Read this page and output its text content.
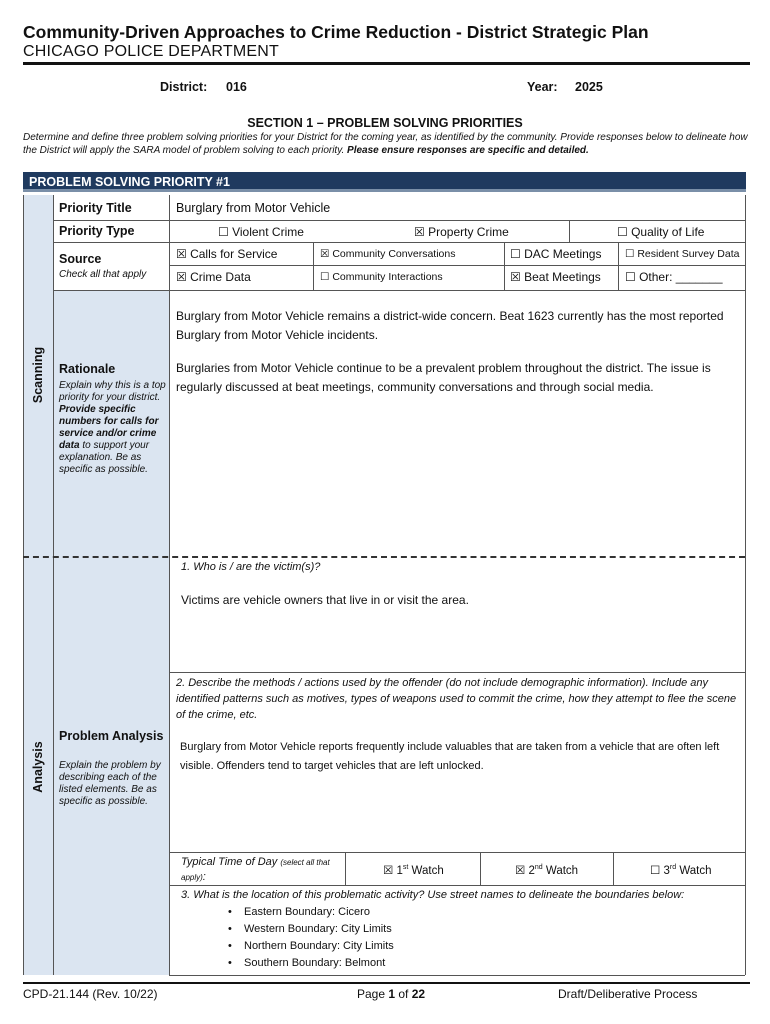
Community-Driven Approaches to Crime Reduction - District Strategic Plan
CHICAGO POLICE DEPARTMENT
District: 016	Year: 2025
SECTION 1 – PROBLEM SOLVING PRIORITIES
Determine and define three problem solving priorities for your District for the coming year, as identified by the community. Provide responses below to delineate how the District will apply the SARA model of problem solving to each priority. Please ensure responses are specific and detailed.
PROBLEM SOLVING PRIORITY #1
Scanning
Analysis
Priority Title	Burglary from Motor Vehicle
Priority Type	☐ Violent Crime	☒ Property Crime	☐ Quality of Life
Source
Check all that apply
☒ Calls for Service	☒ Community Conversations	☐ DAC Meetings ☐ Resident Survey Data
☒ Crime Data	☐ Community Interactions	☒ Beat Meetings ☐ Other: _______
Rationale
Explain why this is a top priority for your district. Provide specific numbers for calls for service and/or crime data to support your explanation. Be as specific as possible.
Burglary from Motor Vehicle remains a district-wide concern. Beat 1623 currently has the most reported Burglary from Motor Vehicle incidents.
Burglaries from Motor Vehicle continue to be a prevalent problem throughout the district. The issue is regularly discussed at beat meetings, community conversations and through social media.
Problem Analysis
Explain the problem by describing each of the listed elements. Be as specific as possible.
1. Who is / are the victim(s)?
Victims are vehicle owners that live in or visit the area.
2. Describe the methods / actions used by the offender (do not include demographic information). Include any identified patterns such as motives, types of weapons used to commit the crime, how they attempt to flee the scene of the crime, etc.
Burglary from Motor Vehicle reports frequently include valuables that are taken from a vehicle that are often left visible. Offenders tend to target vehicles that are left unlocked.
Typical Time of Day (select all that apply):	☒ 1st Watch	☒ 2nd Watch	☐ 3rd Watch
3. What is the location of this problematic activity? Use street names to delineate the boundaries below:
• Eastern Boundary: Cicero
• Western Boundary: City Limits
• Northern Boundary: City Limits
• Southern Boundary: Belmont
CPD-21.144 (Rev. 10/22)	Page 1 of 22	Draft/Deliberative Process
